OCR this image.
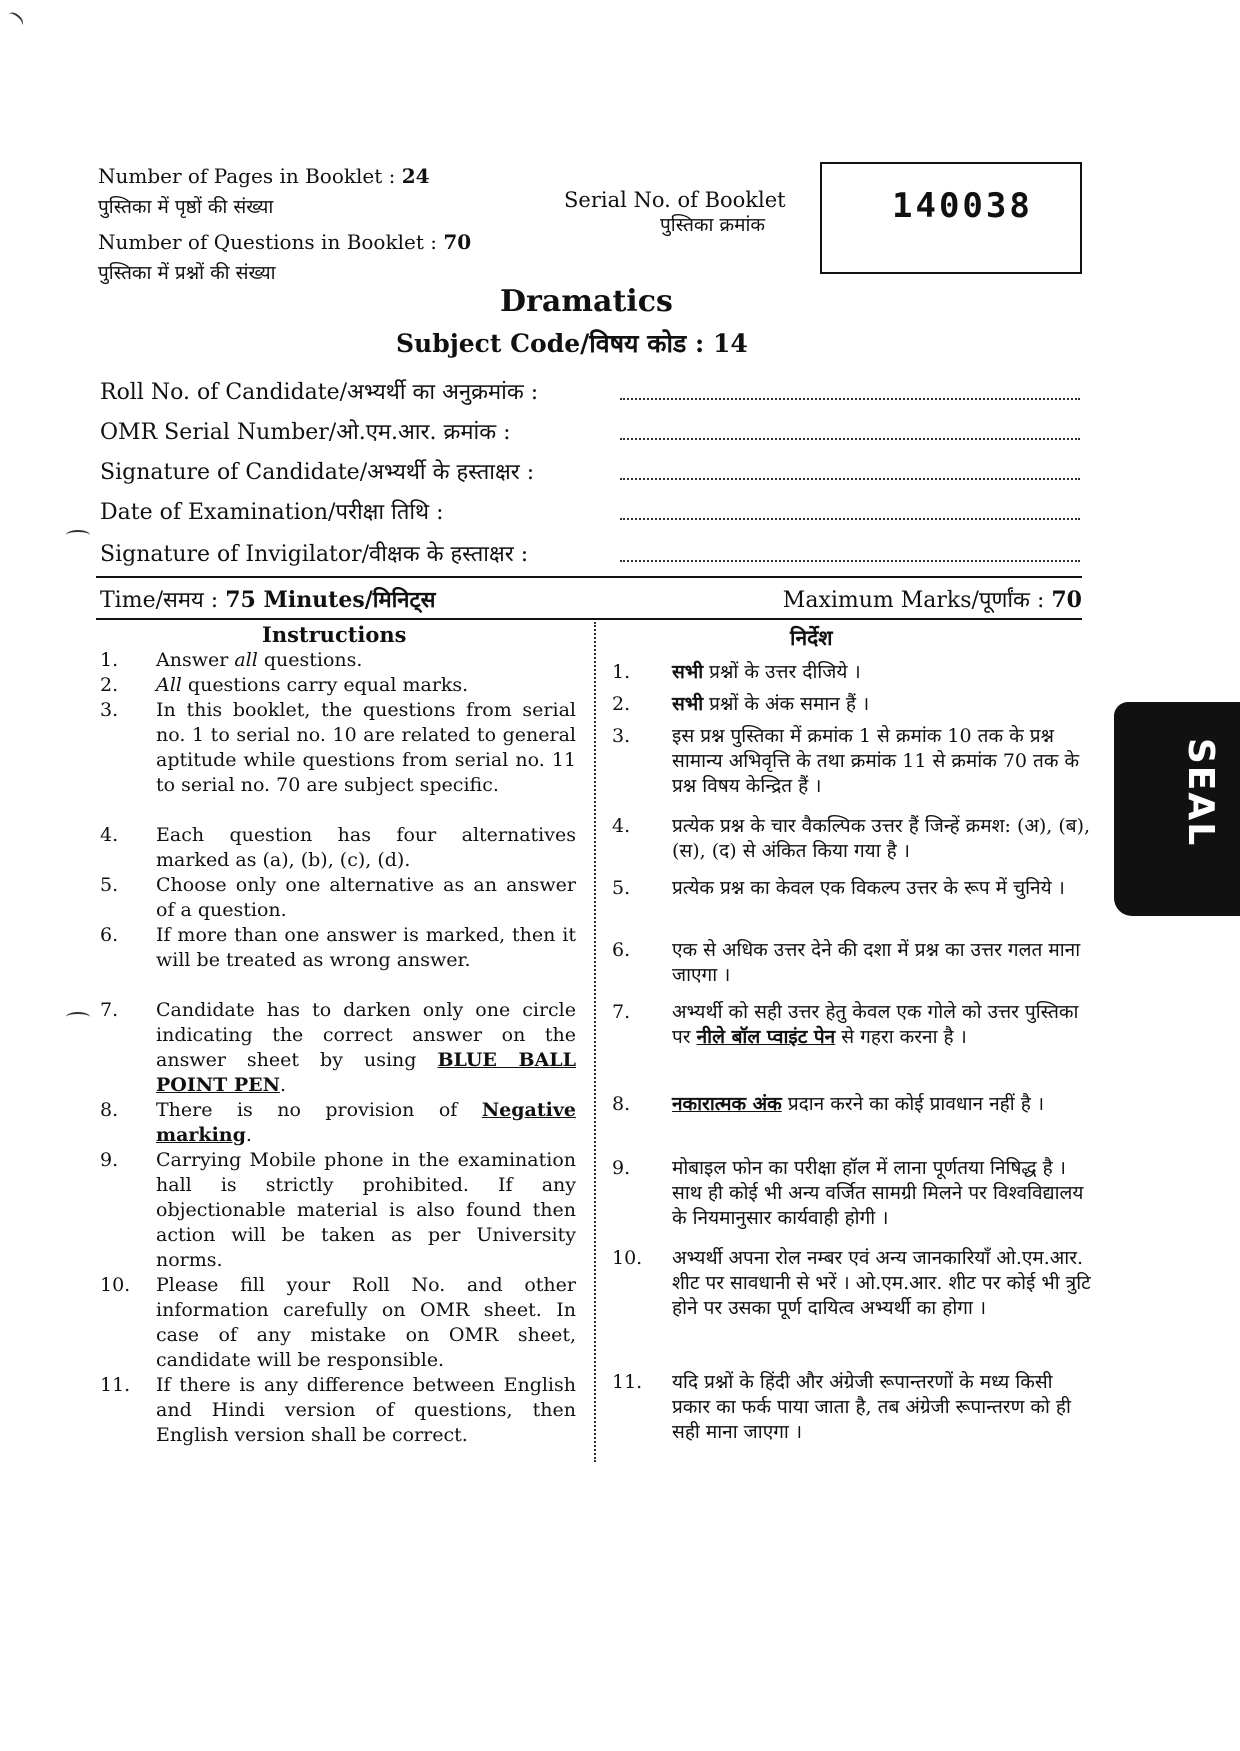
Number of Pages in Booklet : 24
पुस्तिका में पृष्ठों की संख्या
Number of Questions in Booklet : 70
पुस्तिका में प्रश्नों की संख्या
Serial No. of Booklet
पुस्तिका क्रमांक	140038
Dramatics
Subject Code/विषय कोड : 14
Roll No. of Candidate/अभ्यर्थी का अनुक्रमांक :
OMR Serial Number/ओ.एम.आर. क्रमांक :
Signature of Candidate/अभ्यर्थी के हस्ताक्षर :
Date of Examination/परीक्षा तिथि :
Signature of Invigilator/वीक्षक के हस्ताक्षर :
Time/समय : 75 Minutes/मिनिट्स	Maximum Marks/पूर्णांक : 70
Instructions
1. Answer all questions.
2. All questions carry equal marks.
3. In this booklet, the questions from serial no. 1 to serial no. 10 are related to general aptitude while questions from serial no. 11 to serial no. 70 are subject specific.
4. Each question has four alternatives marked as (a), (b), (c), (d).
5. Choose only one alternative as an answer of a question.
6. If more than one answer is marked, then it will be treated as wrong answer.
7. Candidate has to darken only one circle indicating the correct answer on the answer sheet by using BLUE BALL POINT PEN.
8. There is no provision of Negative marking.
9. Carrying Mobile phone in the examination hall is strictly prohibited. If any objectionable material is also found then action will be taken as per University norms.
10. Please fill your Roll No. and other information carefully on OMR sheet. In case of any mistake on OMR sheet, candidate will be responsible.
11. If there is any difference between English and Hindi version of questions, then English version shall be correct.
निर्देश
1. सभी प्रश्नों के उत्तर दीजिये ।
2. सभी प्रश्नों के अंक समान हैं ।
3. इस प्रश्न पुस्तिका में क्रमांक 1 से क्रमांक 10 तक के प्रश्न सामान्य अभिवृत्ति के तथा क्रमांक 11 से क्रमांक 70 तक के प्रश्न विषय केन्द्रित हैं ।
4. प्रत्येक प्रश्न के चार वैकल्पिक उत्तर हैं जिन्हें क्रमश: (अ), (ब), (स), (द) से अंकित किया गया है ।
5. प्रत्येक प्रश्न का केवल एक विकल्प उत्तर के रूप में चुनिये ।
6. एक से अधिक उत्तर देने की दशा में प्रश्न का उत्तर गलत माना जाएगा ।
7. अभ्यर्थी को सही उत्तर हेतु केवल एक गोले को उत्तर पुस्तिका पर नीले बॉल प्वाइंट पेन से गहरा करना है ।
8. नकारात्मक अंक प्रदान करने का कोई प्रावधान नहीं है ।
9. मोबाइल फोन का परीक्षा हॉल में लाना पूर्णतया निषिद्ध है । साथ ही कोई भी अन्य वर्जित सामग्री मिलने पर विश्वविद्यालय के नियमानुसार कार्यवाही होगी ।
10. अभ्यर्थी अपना रोल नम्बर एवं अन्य जानकारियाँ ओ.एम.आर. शीट पर सावधानी से भरें । ओ.एम.आर. शीट पर कोई भी त्रुटि होने पर उसका पूर्ण दायित्व अभ्यर्थी का होगा ।
11. यदि प्रश्नों के हिंदी और अंग्रेजी रूपान्तरणों के मध्य किसी प्रकार का फर्क पाया जाता है, तब अंग्रेजी रूपान्तरण को ही सही माना जाएगा ।
SEAL
